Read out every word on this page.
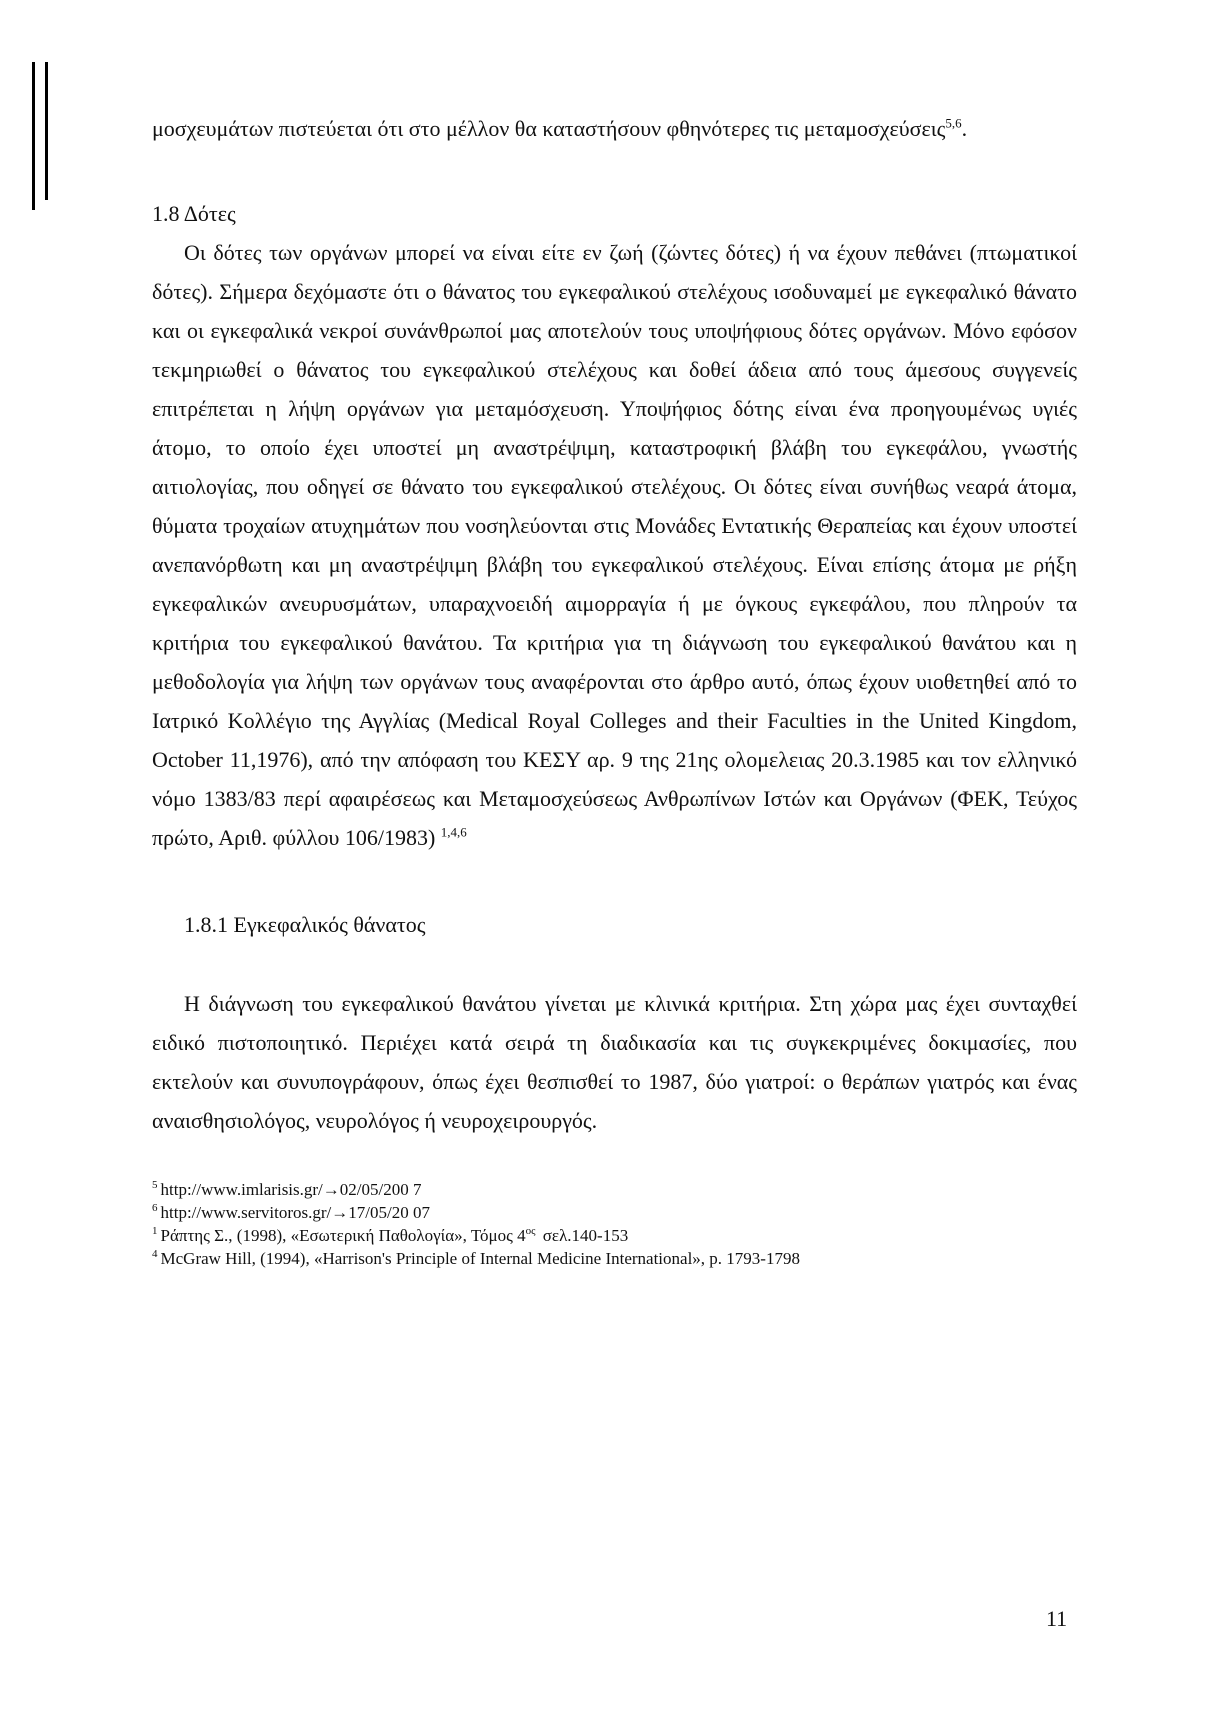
μοσχευμάτων πιστεύεται ότι στο μέλλον θα καταστήσουν φθηνότερες τις μεταμοσχεύσεις$^{5,6}$.

1.8 Δότες

Οι δότες των οργάνων μπορεί να είναι είτε εν ζωή (ζώντες δότες) ή να έχουν πεθάνει (πτωματικοί δότες). Σήμερα δεχόμαστε ότι ο θάνατος του εγκεφαλικού στελέχους ισοδυναμεί με εγκεφαλικό θάνατο και οι εγκεφαλικά νεκροί συνάνθρωποί μας αποτελούν τους υποψήφιους δότες οργάνων. Μόνο εφόσον τεκμηριωθεί ο θάνατος του εγκεφαλικού στελέχους και δοθεί άδεια από τους άμεσους συγγενείς επιτρέπεται η λήψη οργάνων για μεταμόσχευση. Υποψήφιος δότης είναι ένα προηγουμένως υγιές άτομο, το οποίο έχει υποστεί μη αναστρέψιμη, καταστροφική βλάβη του εγκεφάλου, γνωστής αιτιολογίας, που οδηγεί σε θάνατο του εγκεφαλικού στελέχους. Οι δότες είναι συνήθως νεαρά άτομα, θύματα τροχαίων ατυχημάτων που νοσηλεύονται στις Μονάδες Εντατικής Θεραπείας και έχουν υποστεί ανεπανόρθωτη και μη αναστρέψιμη βλάβη του εγκεφαλικού στελέχους. Είναι επίσης άτομα με ρήξη εγκεφαλικών ανευρυσμάτων, υπαραχνοειδή αιμορραγία ή με όγκους εγκεφάλου, που πληρούν τα κριτήρια του εγκεφαλικού θανάτου. Τα κριτήρια για τη διάγνωση του εγκεφαλικού θανάτου και η μεθοδολογία για λήψη των οργάνων τους αναφέρονται στο άρθρο αυτό, όπως έχουν υιοθετηθεί από το Ιατρικό Κολλέγιο της Αγγλίας (Medical Royal Colleges and their Faculties in the United Kingdom, October 11,1976), από την απόφαση του ΚΕΣΥ αρ. 9 της 21ης ολομελειας 20.3.1985 και τον ελληνικό νόμο 1383/83 περί αφαιρέσεως και Μεταμοσχεύσεως Ανθρωπίνων Ιστών και Οργάνων (ΦΕΚ, Τεύχος πρώτο, Αριθ. φύλλου 106/1983) $^{1,4,6}$

1.8.1 Εγκεφαλικός θάνατος

Η διάγνωση του εγκεφαλικού θανάτου γίνεται με κλινικά κριτήρια. Στη χώρα μας έχει συνταχθεί ειδικό πιστοποιητικό. Περιέχει κατά σειρά τη διαδικασία και τις συγκεκριμένες δοκιμασίες, που εκτελούν και συνυπογράφουν, όπως έχει θεσπισθεί το 1987, δύο γιατροί: ο θεράπων γιατρός και ένας αναισθησιολόγος, νευρολόγος ή νευροχειρουργός.

$^5$ http://www.imlarisis.gr/→02/05/200 7
$^6$ http://www.servitoros.gr/→17/05/20 07
$^1$ Ράπτης Σ., (1998), «Εσωτερική Παθολογία», Τόμος 4$^{o\varsigma}$ σελ.140-153
$^4$ McGraw Hill, (1994), «Harrison's Principle of Internal Medicine International», p. 1793-1798
11
